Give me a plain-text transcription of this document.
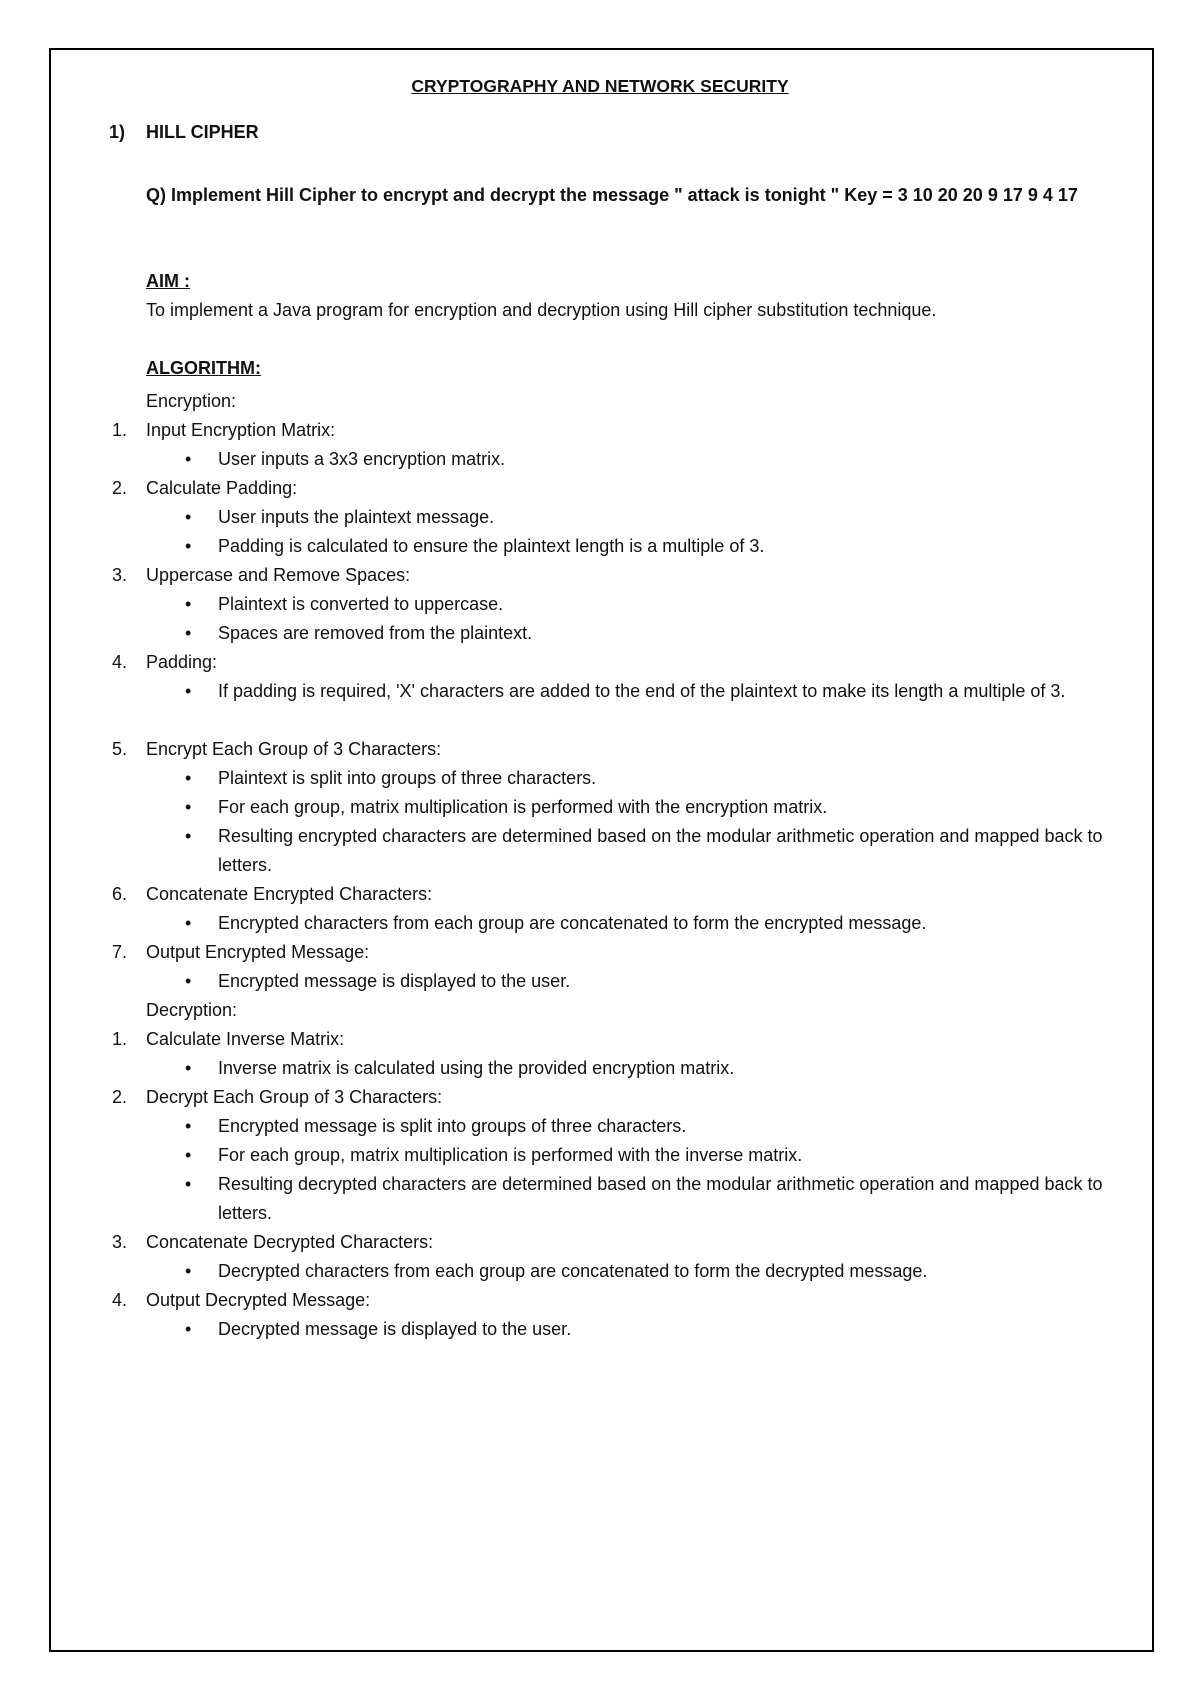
CRYPTOGRAPHY AND NETWORK SECURITY
1) HILL CIPHER
Q) Implement Hill Cipher to encrypt and decrypt the message " attack is tonight " Key = 3 10 20 20 9 17 9 4 17
AIM :
To implement a Java program for encryption and decryption using Hill cipher substitution technique.
ALGORITHM:
Encryption:
1.	Input Encryption Matrix:
• User inputs a 3x3 encryption matrix.
2.	Calculate Padding:
• User inputs the plaintext message.
• Padding is calculated to ensure the plaintext length is a multiple of 3.
3.	Uppercase and Remove Spaces:
• Plaintext is converted to uppercase.
• Spaces are removed from the plaintext.
4.	Padding:
• If padding is required, 'X' characters are added to the end of the plaintext to make its length a multiple of 3.
5.	Encrypt Each Group of 3 Characters:
• Plaintext is split into groups of three characters.
• For each group, matrix multiplication is performed with the encryption matrix.
• Resulting encrypted characters are determined based on the modular arithmetic operation and mapped back to letters.
6.	Concatenate Encrypted Characters:
• Encrypted characters from each group are concatenated to form the encrypted message.
7.	Output Encrypted Message:
• Encrypted message is displayed to the user.
Decryption:
1.	Calculate Inverse Matrix:
• Inverse matrix is calculated using the provided encryption matrix.
2.	Decrypt Each Group of 3 Characters:
• Encrypted message is split into groups of three characters.
• For each group, matrix multiplication is performed with the inverse matrix.
• Resulting decrypted characters are determined based on the modular arithmetic operation and mapped back to letters.
3.	Concatenate Decrypted Characters:
• Decrypted characters from each group are concatenated to form the decrypted message.
4.	Output Decrypted Message:
• Decrypted message is displayed to the user.
